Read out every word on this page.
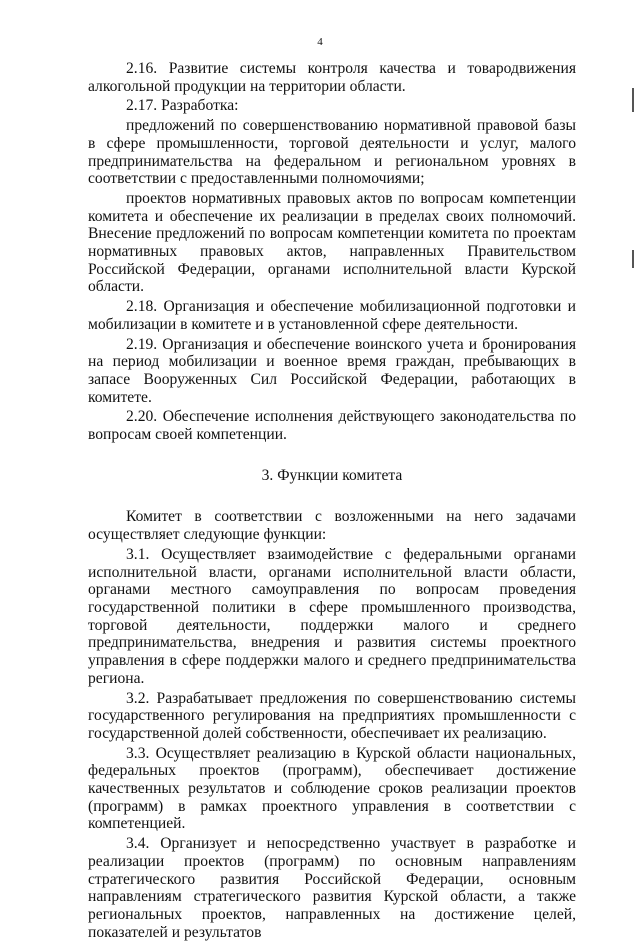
4

2.16. Развитие системы контроля качества и товародвижения алкогольной продукции на территории области.

2.17. Разработка:

предложений по совершенствованию нормативной правовой базы в сфере промышленности, торговой деятельности и услуг, малого предпринимательства на федеральном и региональном уровнях в соответствии с предоставленными полномочиями;

проектов нормативных правовых актов по вопросам компетенции комитета и обеспечение их реализации в пределах своих полномочий. Внесение предложений по вопросам компетенции комитета по проектам нормативных правовых актов, направленных Правительством Российской Федерации, органами исполнительной власти Курской области.

2.18. Организация и обеспечение мобилизационной подготовки и мобилизации в комитете и в установленной сфере деятельности.

2.19. Организация и обеспечение воинского учета и бронирования на период мобилизации и военное время граждан, пребывающих в запасе Вооруженных Сил Российской Федерации, работающих в комитете.

2.20. Обеспечение исполнения действующего законодательства по вопросам своей компетенции.

3. Функции комитета

Комитет в соответствии с возложенными на него задачами осуществляет следующие функции:

3.1. Осуществляет взаимодействие с федеральными органами исполнительной власти, органами исполнительной власти области, органами местного самоуправления по вопросам проведения государственной политики в сфере промышленного производства, торговой деятельности, поддержки малого и среднего предпринимательства, внедрения и развития системы проектного управления в сфере поддержки малого и среднего предпринимательства региона.

3.2. Разрабатывает предложения по совершенствованию системы государственного регулирования на предприятиях промышленности с государственной долей собственности, обеспечивает их реализацию.

3.3. Осуществляет реализацию в Курской области национальных, федеральных проектов (программ), обеспечивает достижение качественных результатов и соблюдение сроков реализации проектов (программ) в рамках проектного управления в соответствии с компетенцией.

3.4. Организует и непосредственно участвует в разработке и реализации проектов (программ) по основным направлениям стратегического развития Российской Федерации, основным направлениям стратегического развития Курской области, а также региональных проектов, направленных на достижение целей, показателей и результатов
